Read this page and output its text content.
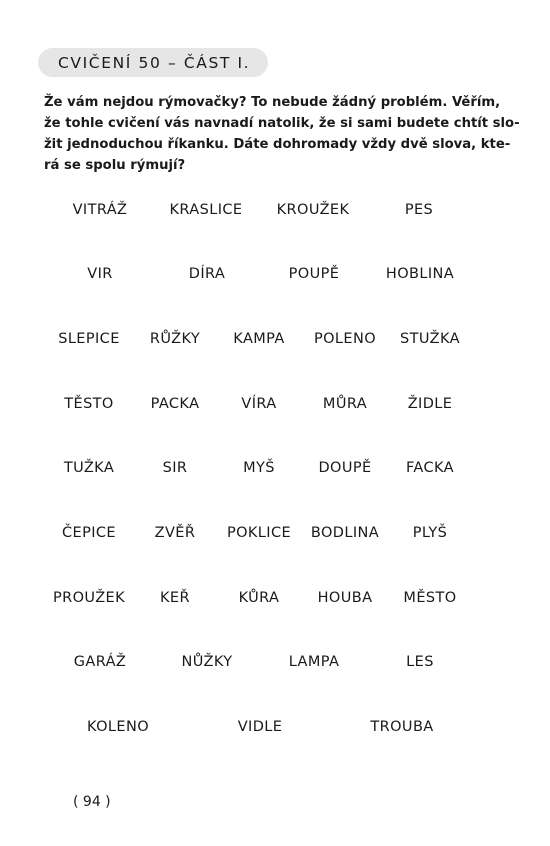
CVIČENÍ 50 – ČÁST I.
Že vám nejdou rýmovačky? To nebude žádný problém. Věřím,
že tohle cvičení vás navnadí natolik, že si sami budete chtít slo-
žit jednoduchou říkanku. Dáte dohromady vždy dvě slova, kte-
rá se spolu rýmují?
VITRÁŽ	KRASLICE KROUŽEK	PES
VIR	DÍRA	POUPĚ	HOBLINA
SLEPICE RŮŽKY KAMPA POLENO STUŽKA
TĚSTO	PACKA	VÍRA	MŮRA	ŽIDLE
TUŽKA	SIR	MYŠ	DOUPĚ FACKA
ČEPICE	ZVĚŘ POKLICE BODLINA PLYŠ
PROUŽEK KEŘ	KŮRA	HOUBA MĚSTO
GARÁŽ	NŮŽKY	LAMPA	LES
KOLENO	VIDLE	TROUBA
( 94 )
